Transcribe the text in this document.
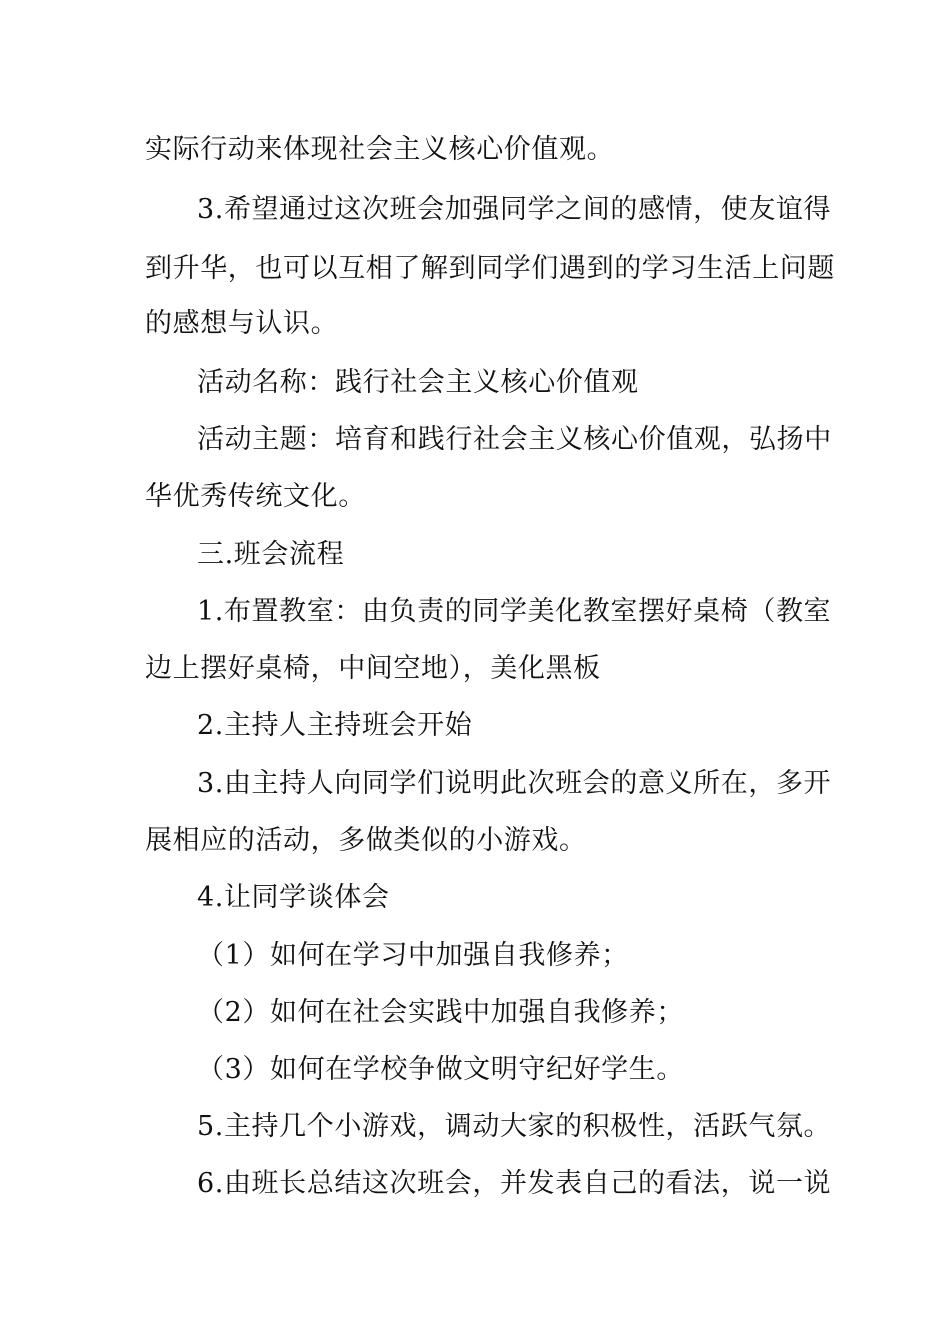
实际行动来体现社会主义核心价值观。

3.希望通过这次班会加强同学之间的感情，使友谊得

到升华，也可以互相了解到同学们遇到的学习生活上问题

的感想与认识。

活动名称：践行社会主义核心价值观

活动主题：培育和践行社会主义核心价值观，弘扬中

华优秀传统文化。

三.班会流程

1.布置教室：由负责的同学美化教室摆好桌椅（教室

边上摆好桌椅，中间空地），美化黑板

2.主持人主持班会开始

3.由主持人向同学们说明此次班会的意义所在，多开

展相应的活动，多做类似的小游戏。

4.让同学谈体会

（1）如何在学习中加强自我修养；

（2）如何在社会实践中加强自我修养；

（3）如何在学校争做文明守纪好学生。

5.主持几个小游戏，调动大家的积极性，活跃气氛。

6.由班长总结这次班会，并发表自己的看法，说一说
